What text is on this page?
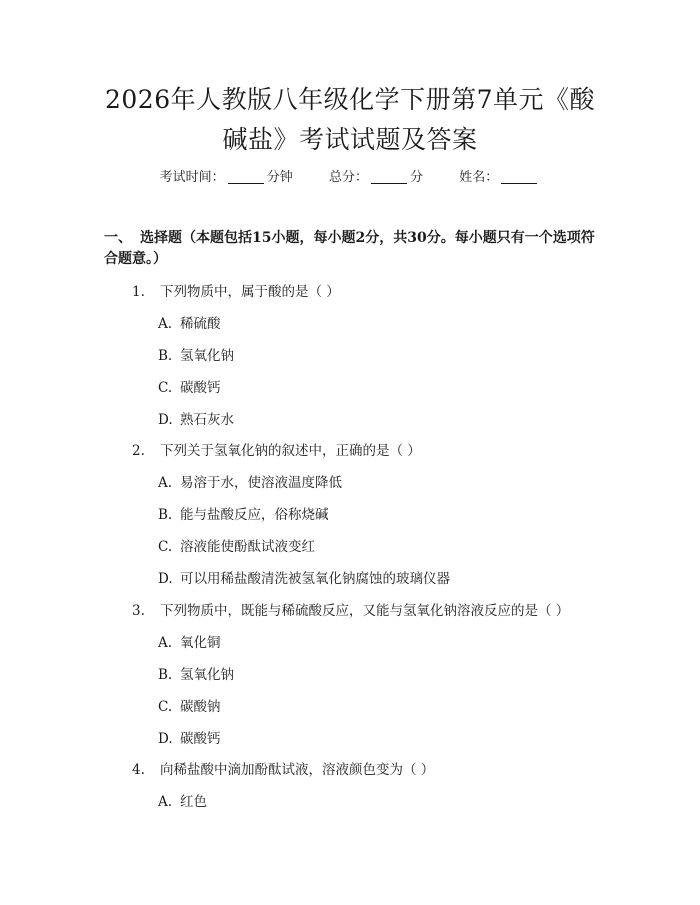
2026年人教版八年级化学下册第7单元《酸
碱盐》考试试题及答案
考试时间：	分钟	总分：	分	姓名：
一、 选择题（本题包括15小题，每小题2分，共30分。每小题只有一个选项符
合题意。）
1. 下列物质中，属于酸的是（ ）
A. 稀硫酸
B. 氢氧化钠
C. 碳酸钙
D. 熟石灰水
2. 下列关于氢氧化钠的叙述中，正确的是（ ）
A. 易溶于水，使溶液温度降低
B. 能与盐酸反应，俗称烧碱
C. 溶液能使酚酞试液变红
D. 可以用稀盐酸清洗被氢氧化钠腐蚀的玻璃仪器
3. 下列物质中，既能与稀硫酸反应，又能与氢氧化钠溶液反应的是（ ）
A. 氧化铜
B. 氢氧化钠
C. 碳酸钠
D. 碳酸钙
4. 向稀盐酸中滴加酚酞试液，溶液颜色变为（ ）
A. 红色
